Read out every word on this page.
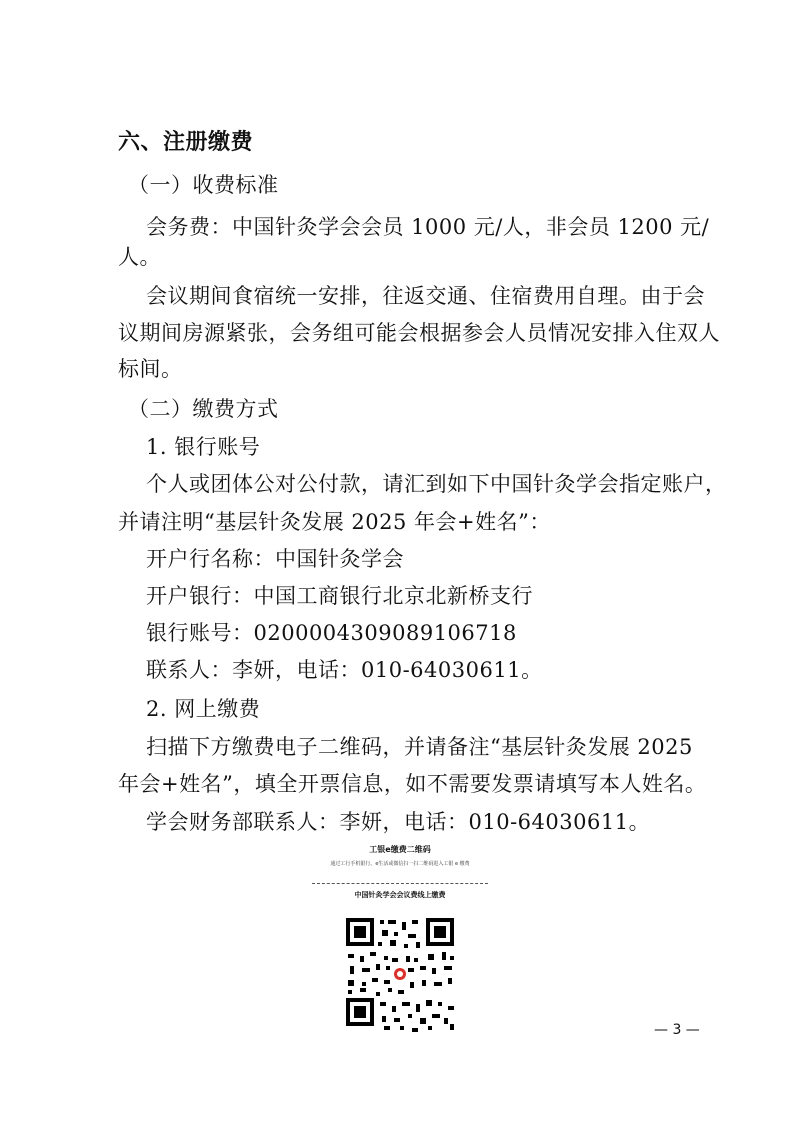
六、注册缴费
（一）收费标准
会务费：中国针灸学会会员 1000 元/人，非会员 1200 元/
人。
会议期间食宿统一安排，往返交通、住宿费用自理。由于会
议期间房源紧张，会务组可能会根据参会人员情况安排入住双人
标间。
（二）缴费方式
1. 银行账号
个人或团体公对公付款，请汇到如下中国针灸学会指定账户，
并请注明“基层针灸发展 2025 年会+姓名”：
开户行名称：中国针灸学会
开户银行：中国工商银行北京北新桥支行
银行账号：0200004309089106718
联系人：李妍，电话：010-64030611。
2. 网上缴费
扫描下方缴费电子二维码，并请备注“基层针灸发展 2025
年会+姓名”，填全开票信息，如不需要发票请填写本人姓名。
学会财务部联系人：李妍，电话：010-64030611。
工银e缴费二维码
通过工行手机银行、e生活或微信扫一扫二维码进入工银 e 缴费
中国针灸学会会议费线上缴费
— 3 —
